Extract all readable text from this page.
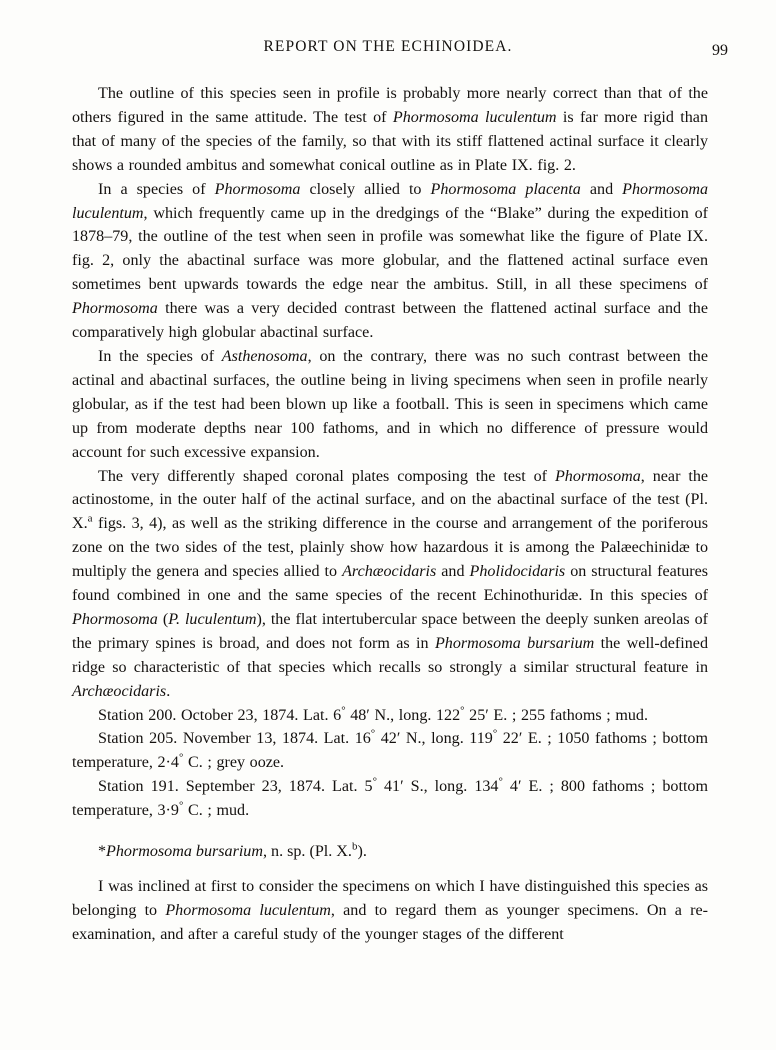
REPORT ON THE ECHINOIDEA.	99

The outline of this species seen in profile is probably more nearly correct than that of the others figured in the same attitude. The test of Phormosoma luculentum is far more rigid than that of many of the species of the family, so that with its stiff flattened actinal surface it clearly shows a rounded ambitus and somewhat conical outline as in Plate IX. fig. 2.

In a species of Phormosoma closely allied to Phormosoma placenta and Phormosoma luculentum, which frequently came up in the dredgings of the “Blake” during the expedition of 1878–79, the outline of the test when seen in profile was somewhat like the figure of Plate IX. fig. 2, only the abactinal surface was more globular, and the flattened actinal surface even sometimes bent upwards towards the edge near the ambitus. Still, in all these specimens of Phormosoma there was a very decided contrast between the flattened actinal surface and the comparatively high globular abactinal surface.

In the species of Asthenosoma, on the contrary, there was no such contrast between the actinal and abactinal surfaces, the outline being in living specimens when seen in profile nearly globular, as if the test had been blown up like a football. This is seen in specimens which came up from moderate depths near 100 fathoms, and in which no difference of pressure would account for such excessive expansion.

The very differently shaped coronal plates composing the test of Phormosoma, near the actinostome, in the outer half of the actinal surface, and on the abactinal surface of the test (Pl. X.$^a$ figs. 3, 4), as well as the striking difference in the course and arrangement of the poriferous zone on the two sides of the test, plainly show how hazardous it is among the Palæechinidæ to multiply the genera and species allied to Archæocidaris and Pholidocidaris on structural features found combined in one and the same species of the recent Echinothuridæ. In this species of Phormosoma (P. luculentum), the flat intertubercular space between the deeply sunken areolas of the primary spines is broad, and does not form as in Phormosoma bursarium the well-defined ridge so characteristic of that species which recalls so strongly a similar structural feature in Archæocidaris.

Station 200. October 23, 1874. Lat. 6° 48′ N., long. 122° 25′ E. ; 255 fathoms ; mud.

Station 205. November 13, 1874. Lat. 16° 42′ N., long. 119° 22′ E. ; 1050 fathoms ; bottom temperature, 2·4° C. ; grey ooze.

Station 191. September 23, 1874. Lat. 5° 41′ S., long. 134° 4′ E. ; 800 fathoms ; bottom temperature, 3·9° C. ; mud.

*Phormosoma bursarium, n. sp. (Pl. X.$^b$).

I was inclined at first to consider the specimens on which I have distinguished this species as belonging to Phormosoma luculentum, and to regard them as younger specimens. On a re-examination, and after a careful study of the younger stages of the different
